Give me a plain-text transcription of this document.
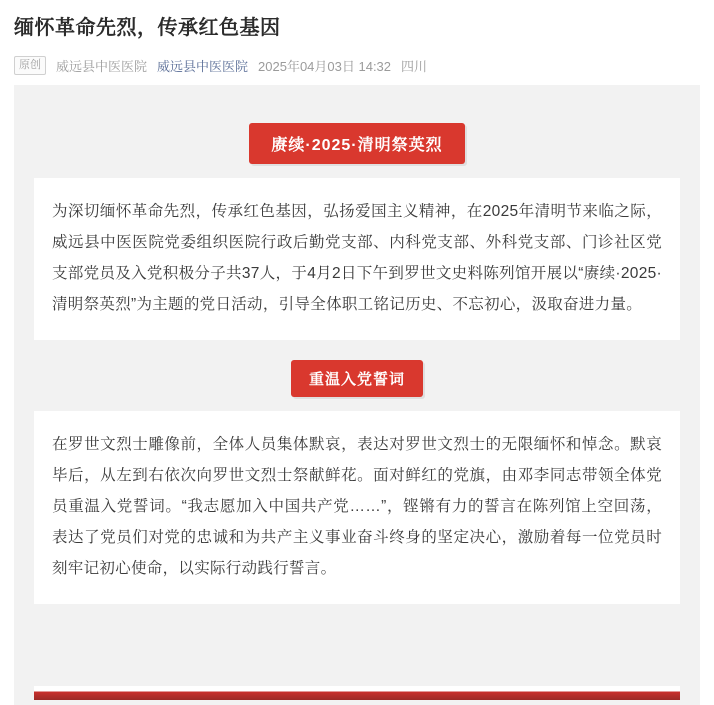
缅怀革命先烈，传承红色基因
原创	威远县中医医院 威远县中医医院 2025年04月03日 14:32 四川
赓续·2025·清明祭英烈
为深切缅怀革命先烈，传承红色基因，弘扬爱国主义精神，在2025年清明节来临之际，威远县中医医院党委组织医院行政后勤党支部、内科党支部、外科党支部、门诊社区党支部党员及入党积极分子共37人，于4月2日下午到罗世文史料陈列馆开展以“赓续·2025·清明祭英烈”为主题的党日活动，引导全体职工铭记历史、不忘初心，汲取奋进力量。
重温入党誓词
在罗世文烈士雕像前，全体人员集体默哀，表达对罗世文烈士的无限缅怀和悼念。默哀毕后，从左到右依次向罗世文烈士祭献鲜花。面对鲜红的党旗，由邓李同志带领全体党员重温入党誓词。“我志愿加入中国共产党……”，铿锵有力的誓言在陈列馆上空回荡，表达了党员们对党的忠诚和为共产主义事业奋斗终身的坚定决心，激励着每一位党员时刻牢记初心使命，以实际行动践行誓言。
